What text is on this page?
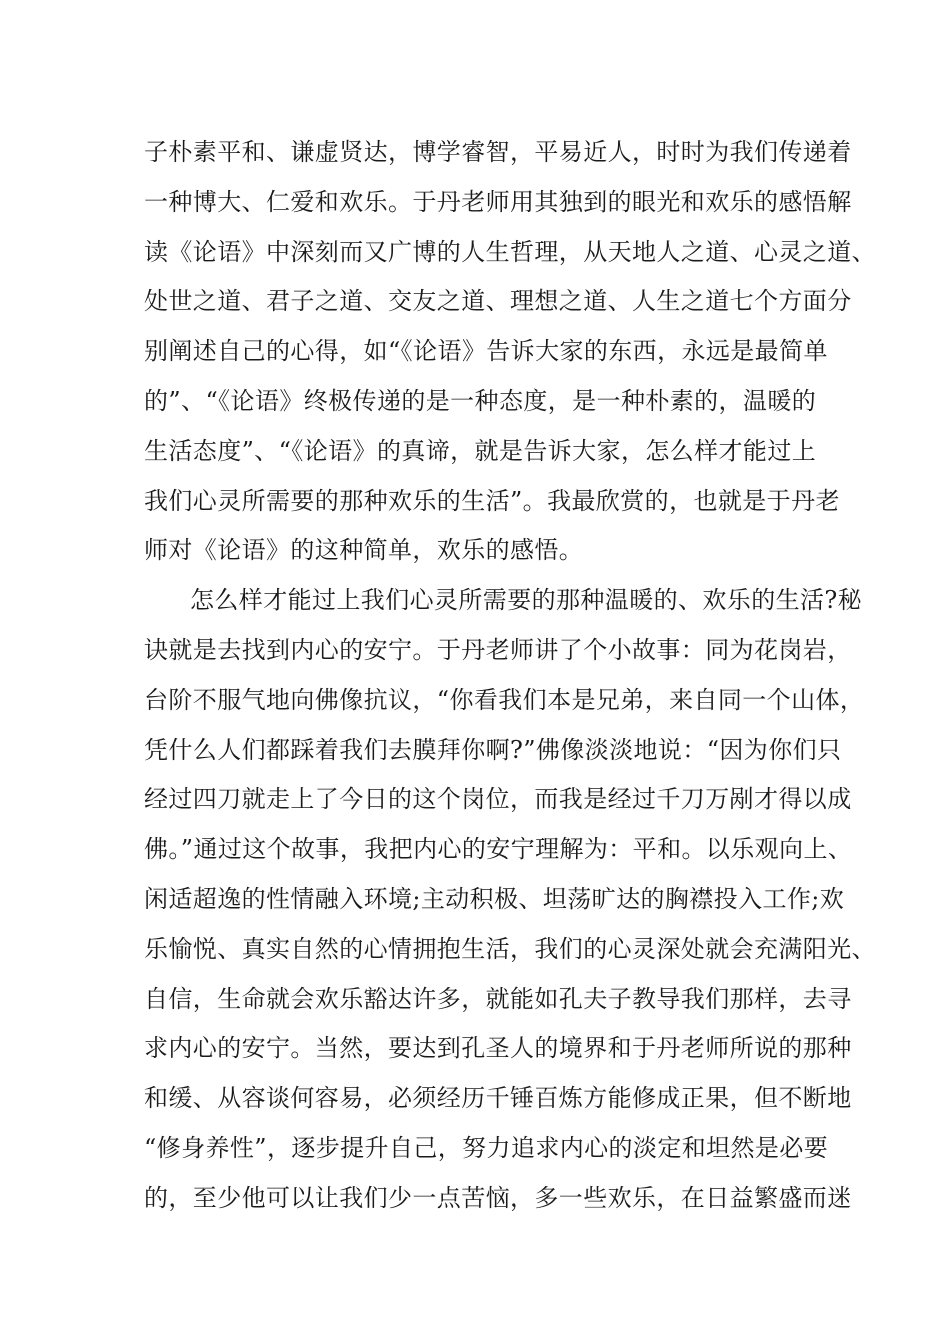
子朴素平和、谦虚贤达，博学睿智，平易近人，时时为我们传递着
一种博大、仁爱和欢乐。于丹老师用其独到的眼光和欢乐的感悟解
读《论语》中深刻而又广博的人生哲理，从天地人之道、心灵之道、
处世之道、君子之道、交友之道、理想之道、人生之道七个方面分
别阐述自己的心得，如“《论语》告诉大家的东西，永远是最简单
的”、“《论语》终极传递的是一种态度，是一种朴素的，温暖的
生活态度”、“《论语》的真谛，就是告诉大家，怎么样才能过上
我们心灵所需要的那种欢乐的生活”。我最欣赏的，也就是于丹老
师对《论语》的这种简单，欢乐的感悟。
怎么样才能过上我们心灵所需要的那种温暖的、欢乐的生活?秘
诀就是去找到内心的安宁。于丹老师讲了个小故事：同为花岗岩，
台阶不服气地向佛像抗议，“你看我们本是兄弟，来自同一个山体，
凭什么人们都踩着我们去膜拜你啊?”佛像淡淡地说：“因为你们只
经过四刀就走上了今日的这个岗位，而我是经过千刀万剐才得以成
佛。”通过这个故事，我把内心的安宁理解为：平和。以乐观向上、
闲适超逸的性情融入环境;主动积极、坦荡旷达的胸襟投入工作;欢
乐愉悦、真实自然的心情拥抱生活，我们的心灵深处就会充满阳光、
自信，生命就会欢乐豁达许多，就能如孔夫子教导我们那样，去寻
求内心的安宁。当然，要达到孔圣人的境界和于丹老师所说的那种
和缓、从容谈何容易，必须经历千锤百炼方能修成正果，但不断地
“修身养性”，逐步提升自己，努力追求内心的淡定和坦然是必要
的，至少他可以让我们少一点苦恼，多一些欢乐，在日益繁盛而迷
